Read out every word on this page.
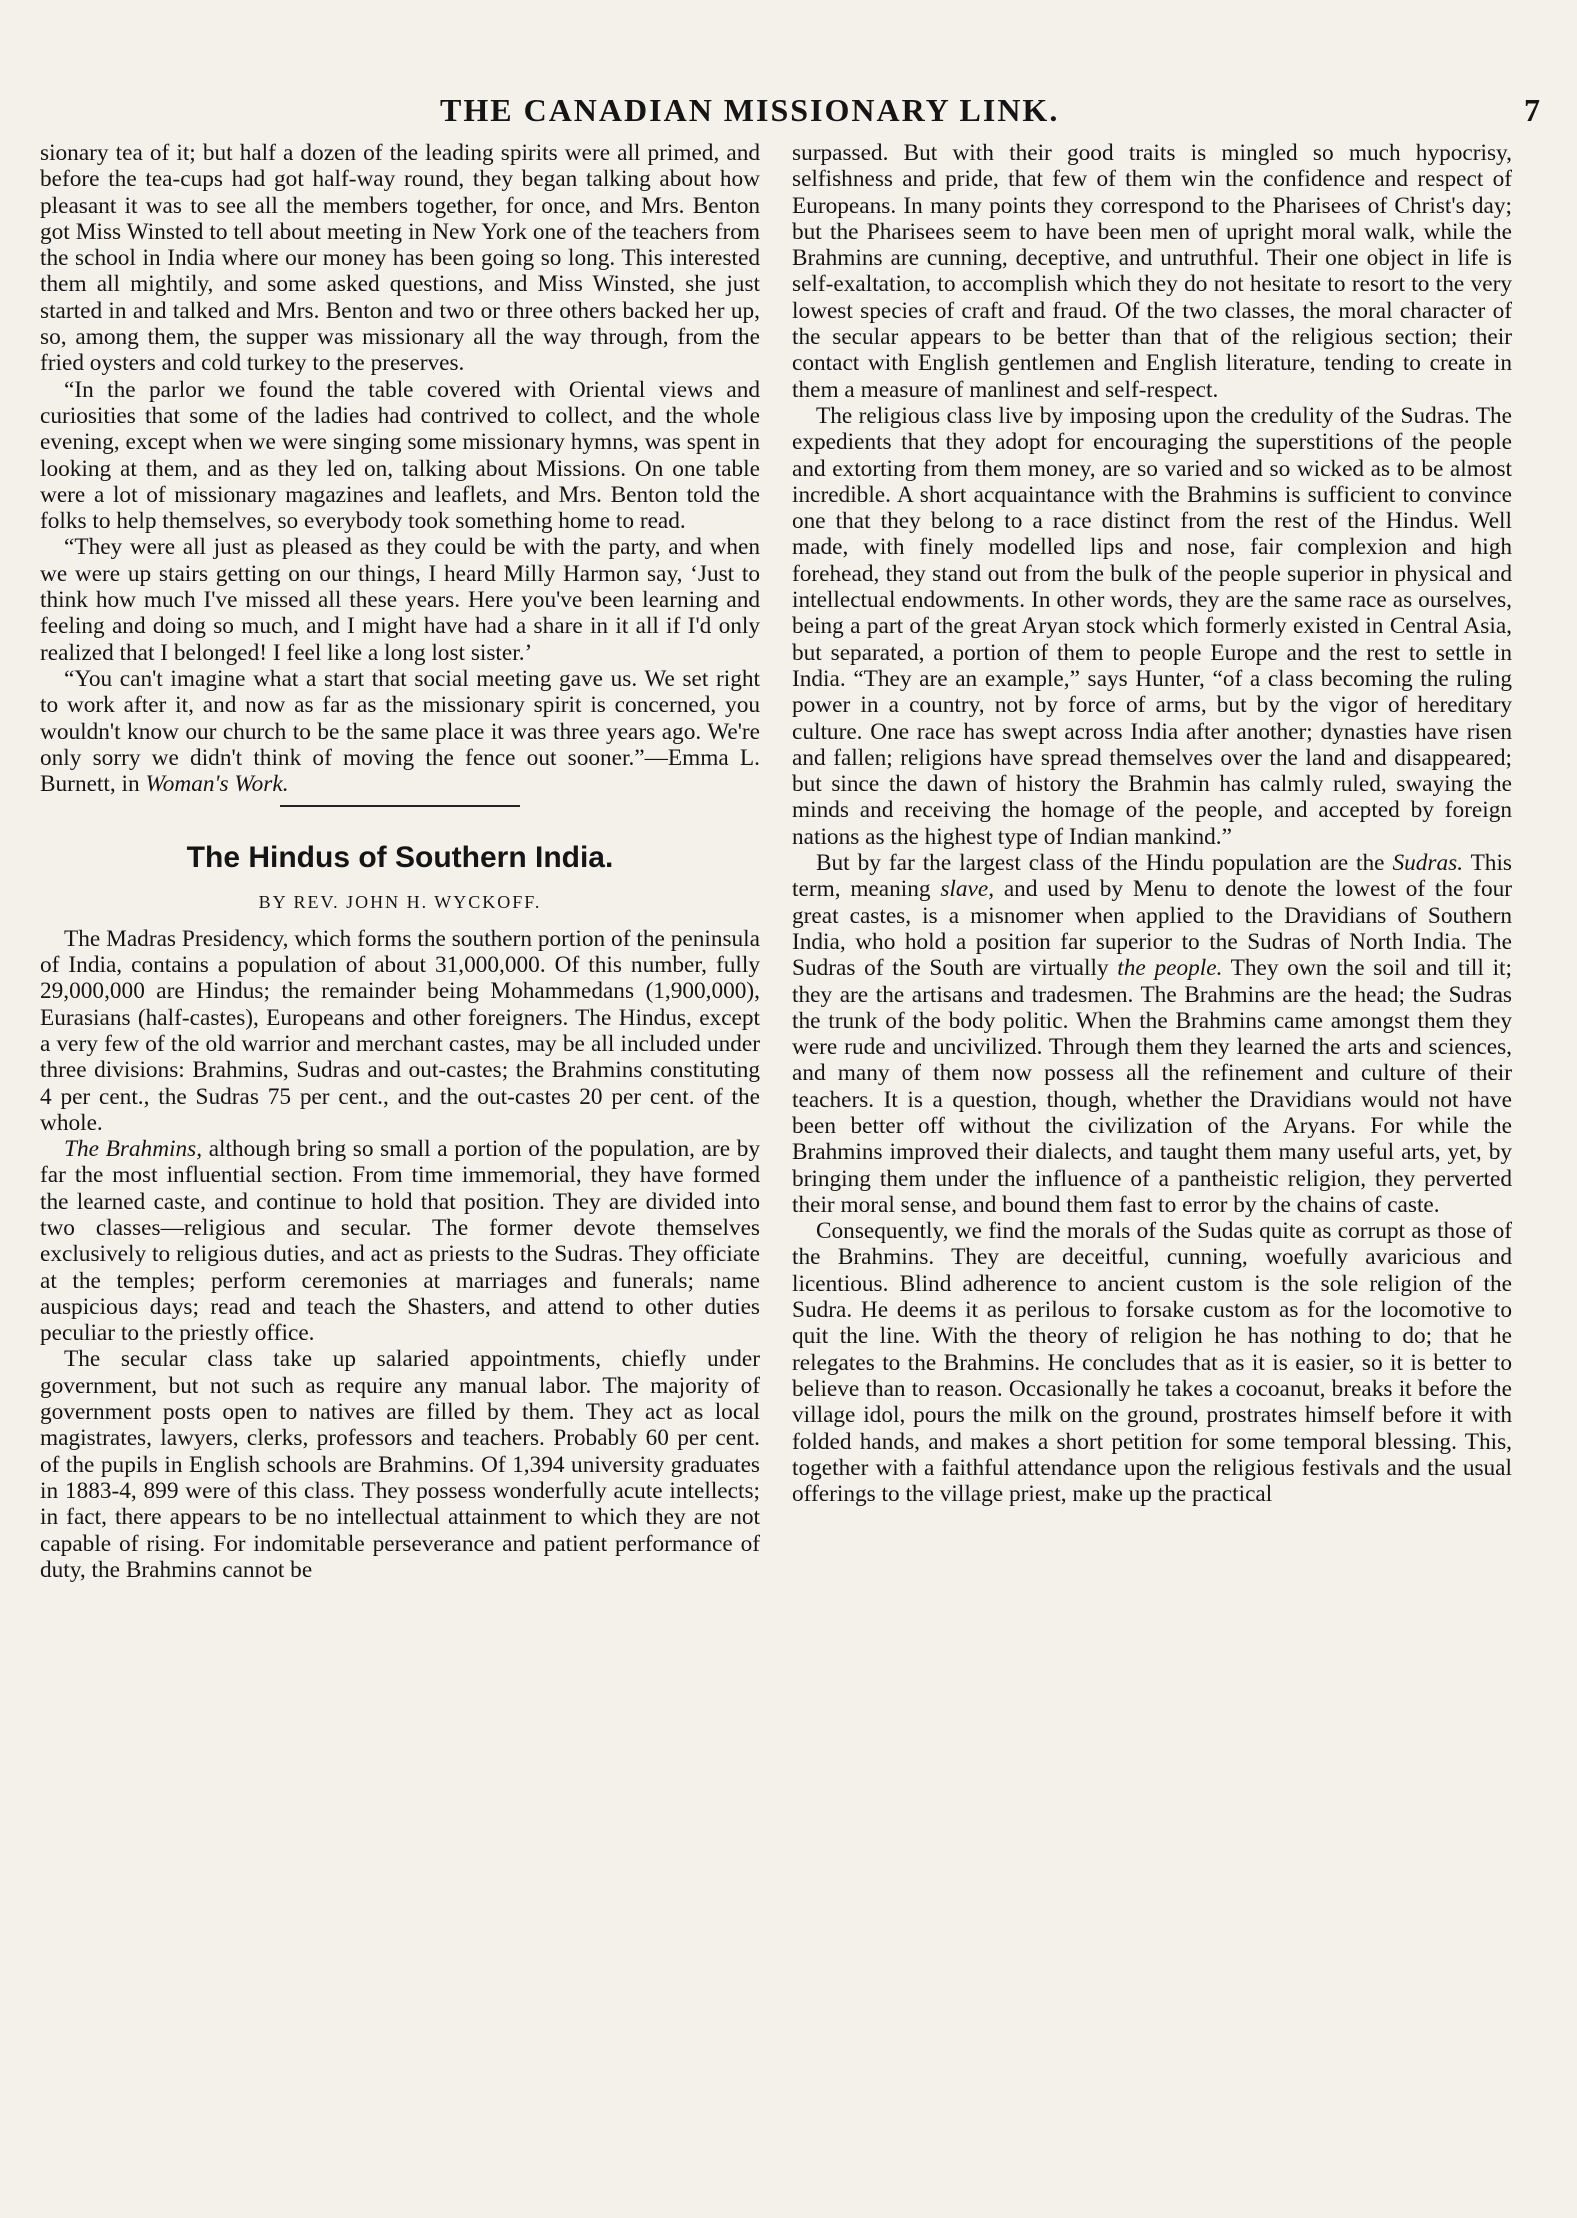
THE CANADIAN MISSIONARY LINK.	7

sionary tea of it; but half a dozen of the leading spirits were all primed, and before the tea-cups had got half-way round, they began talking about how pleasant it was to see all the members together, for once, and Mrs. Benton got Miss Winsted to tell about meeting in New York one of the teachers from the school in India where our money has been going so long. This interested them all mightily, and some asked questions, and Miss Winsted, she just started in and talked and Mrs. Benton and two or three others backed her up, so, among them, the supper was missionary all the way through, from the fried oysters and cold turkey to the preserves.

“In the parlor we found the table covered with Oriental views and curiosities that some of the ladies had contrived to collect, and the whole evening, except when we were singing some missionary hymns, was spent in looking at them, and as they led on, talking about Missions. On one table were a lot of missionary magazines and leaflets, and Mrs. Benton told the folks to help themselves, so everybody took something home to read.

“They were all just as pleased as they could be with the party, and when we were up stairs getting on our things, I heard Milly Harmon say, ‘Just to think how much I've missed all these years. Here you've been learning and feeling and doing so much, and I might have had a share in it all if I'd only realized that I belonged! I feel like a long lost sister.’

“You can't imagine what a start that social meeting gave us. We set right to work after it, and now as far as the missionary spirit is concerned, you wouldn't know our church to be the same place it was three years ago. We're only sorry we didn't think of moving the fence out sooner.”—Emma L. Burnett, in Woman's Work.

The Hindus of Southern India.
BY REV. JOHN H. WYCKOFF.

The Madras Presidency, which forms the southern portion of the peninsula of India, contains a population of about 31,000,000. Of this number, fully 29,000,000 are Hindus; the remainder being Mohammedans (1,900,000), Eurasians (half-castes), Europeans and other foreigners. The Hindus, except a very few of the old warrior and merchant castes, may be all included under three divisions: Brahmins, Sudras and out-castes; the Brahmins constituting 4 per cent., the Sudras 75 per cent., and the out-castes 20 per cent. of the whole.

The Brahmins, although bring so small a portion of the population, are by far the most influential section. From time immemorial, they have formed the learned caste, and continue to hold that position. They are divided into two classes—religious and secular. The former devote themselves exclusively to religious duties, and act as priests to the Sudras. They officiate at the temples; perform ceremonies at marriages and funerals; name auspicious days; read and teach the Shasters, and attend to other duties peculiar to the priestly office.

The secular class take up salaried appointments, chiefly under government, but not such as require any manual labor. The majority of government posts open to natives are filled by them. They act as local magistrates, lawyers, clerks, professors and teachers. Probably 60 per cent. of the pupils in English schools are Brahmins. Of 1,394 university graduates in 1883-4, 899 were of this class. They possess wonderfully acute intellects; in fact, there appears to be no intellectual attainment to which they are not capable of rising. For indomitable perseverance and patient performance of duty, the Brahmins cannot be

surpassed. But with their good traits is mingled so much hypocrisy, selfishness and pride, that few of them win the confidence and respect of Europeans. In many points they correspond to the Pharisees of Christ's day; but the Pharisees seem to have been men of upright moral walk, while the Brahmins are cunning, deceptive, and untruthful. Their one object in life is self-exaltation, to accomplish which they do not hesitate to resort to the very lowest species of craft and fraud. Of the two classes, the moral character of the secular appears to be better than that of the religious section; their contact with English gentlemen and English literature, tending to create in them a measure of manlinest and self-respect.

The religious class live by imposing upon the credulity of the Sudras. The expedients that they adopt for encouraging the superstitions of the people and extorting from them money, are so varied and so wicked as to be almost incredible. A short acquaintance with the Brahmins is sufficient to convince one that they belong to a race distinct from the rest of the Hindus. Well made, with finely modelled lips and nose, fair complexion and high forehead, they stand out from the bulk of the people superior in physical and intellectual endowments. In other words, they are the same race as ourselves, being a part of the great Aryan stock which formerly existed in Central Asia, but separated, a portion of them to people Europe and the rest to settle in India. “They are an example,” says Hunter, “of a class becoming the ruling power in a country, not by force of arms, but by the vigor of hereditary culture. One race has swept across India after another; dynasties have risen and fallen; religions have spread themselves over the land and disappeared; but since the dawn of history the Brahmin has calmly ruled, swaying the minds and receiving the homage of the people, and accepted by foreign nations as the highest type of Indian mankind.”

But by far the largest class of the Hindu population are the Sudras. This term, meaning slave, and used by Menu to denote the lowest of the four great castes, is a misnomer when applied to the Dravidians of Southern India, who hold a position far superior to the Sudras of North India. The Sudras of the South are virtually the people. They own the soil and till it; they are the artisans and tradesmen. The Brahmins are the head; the Sudras the trunk of the body politic. When the Brahmins came amongst them they were rude and uncivilized. Through them they learned the arts and sciences, and many of them now possess all the refinement and culture of their teachers. It is a question, though, whether the Dravidians would not have been better off without the civilization of the Aryans. For while the Brahmins improved their dialects, and taught them many useful arts, yet, by bringing them under the influence of a pantheistic religion, they perverted their moral sense, and bound them fast to error by the chains of caste.

Consequently, we find the morals of the Sudas quite as corrupt as those of the Brahmins. They are deceitful, cunning, woefully avaricious and licentious. Blind adherence to ancient custom is the sole religion of the Sudra. He deems it as perilous to forsake custom as for the locomotive to quit the line. With the theory of religion he has nothing to do; that he relegates to the Brahmins. He concludes that as it is easier, so it is better to believe than to reason. Occasionally he takes a cocoanut, breaks it before the village idol, pours the milk on the ground, prostrates himself before it with folded hands, and makes a short petition for some temporal blessing. This, together with a faithful attendance upon the religious festivals and the usual offerings to the village priest, make up the practical
